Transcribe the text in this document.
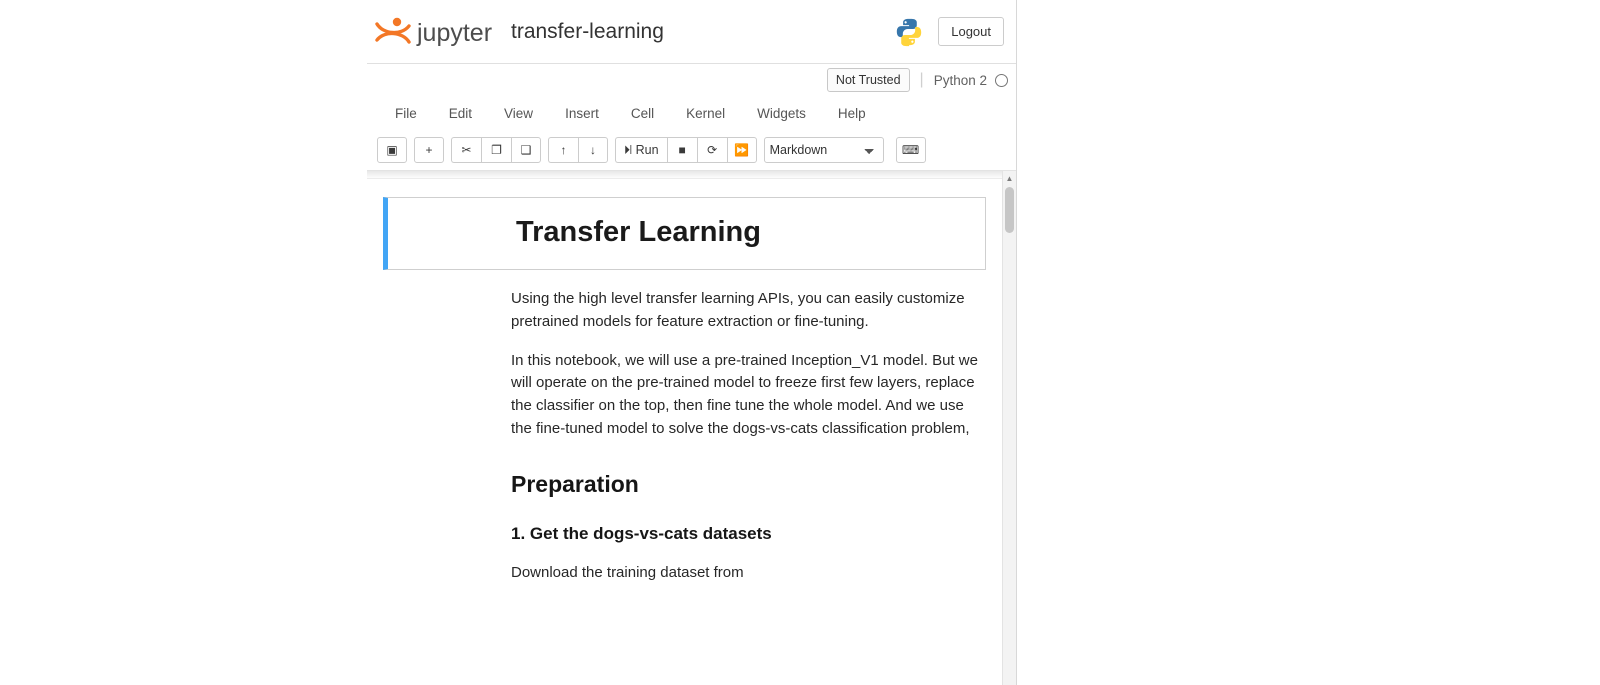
jupyter transfer-learning	Logout
Not Trusted	| Python 2
File	Edit	View	Insert	Cell	Kernel	Widgets	Help
▣	+	✂	❐	❑	↑	↓	⏵❘ Run	■	⟳	⏩
Markdown	⌨
Transfer Learning

Using the high level transfer learning APIs, you can easily customize pretrained models for feature extraction or fine-tuning.

In this notebook, we will use a pre-trained Inception_V1 model. But we will operate on the pre-trained model to freeze first few layers, replace the classifier on the top, then fine tune the whole model. And we use the fine-tuned model to solve the dogs-vs-cats classification problem,

Preparation
1. Get the dogs-vs-cats datasets

Download the training dataset from

▲
